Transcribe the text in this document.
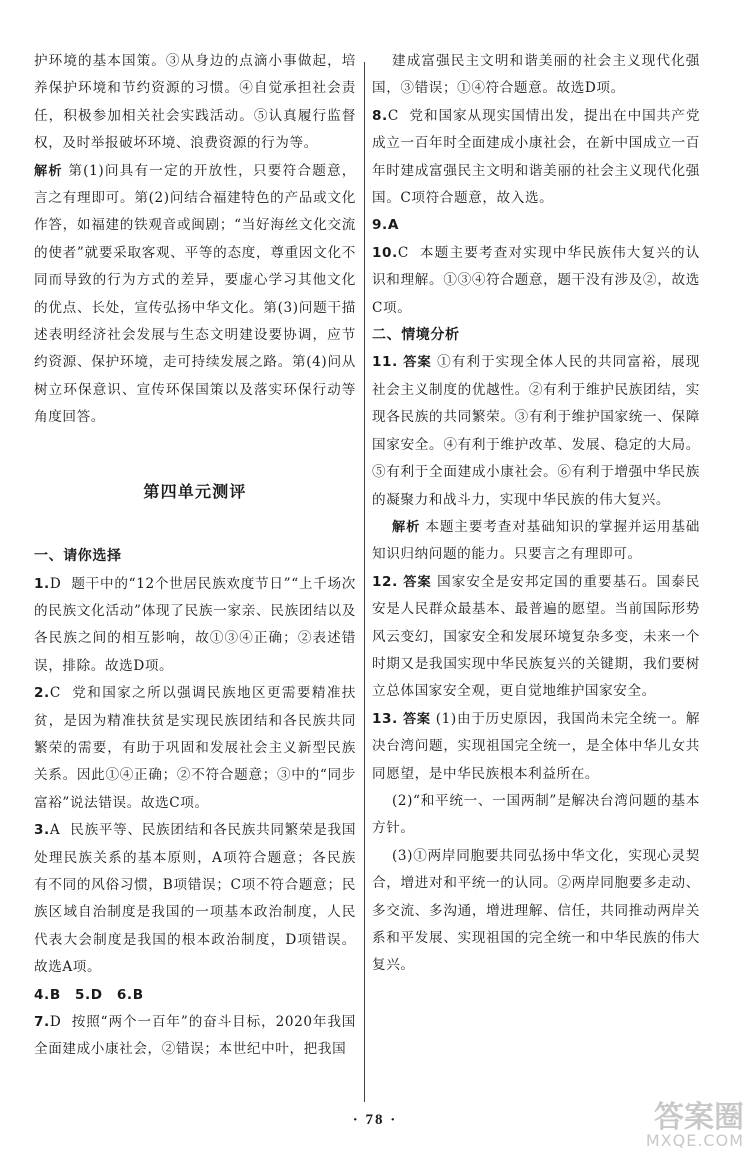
护环境的基本国策。③从身边的点滴小事做起，培养保护环境和节约资源的习惯。④自觉承担社会责任，积极参加相关社会实践活动。⑤认真履行监督权，及时举报破坏环境、浪费资源的行为等。

解析 第(1)问具有一定的开放性，只要符合题意，言之有理即可。第(2)问结合福建特色的产品或文化作答，如福建的铁观音或闽剧；“当好海丝文化交流的使者”就要采取客观、平等的态度，尊重因文化不同而导致的行为方式的差异，要虚心学习其他文化的优点、长处，宣传弘扬中华文化。第(3)问题干描述表明经济社会发展与生态文明建设要协调，应节约资源、保护环境，走可持续发展之路。第(4)问从树立环保意识、宣传环保国策以及落实环保行动等角度回答。

第四单元测评

一、请你选择

1.D 题干中的“12个世居民族欢度节日”“上千场次的民族文化活动”体现了民族一家亲、民族团结以及各民族之间的相互影响，故①③④正确；②表述错误，排除。故选D项。

2.C 党和国家之所以强调民族地区更需要精准扶贫，是因为精准扶贫是实现民族团结和各民族共同繁荣的需要，有助于巩固和发展社会主义新型民族关系。因此①④正确；②不符合题意；③中的“同步富裕”说法错误。故选C项。

3.A 民族平等、民族团结和各民族共同繁荣是我国处理民族关系的基本原则，A项符合题意；各民族有不同的风俗习惯，B项错误；C项不符合题意；民族区域自治制度是我国的一项基本政治制度，人民代表大会制度是我国的根本政治制度，D项错误。故选A项。

4.B　5.D　6.B

7.D 按照“两个一百年”的奋斗目标，2020年我国全面建成小康社会，②错误；本世纪中叶，把我国

建成富强民主文明和谐美丽的社会主义现代化强国，③错误；①④符合题意。故选D项。

8.C 党和国家从现实国情出发，提出在中国共产党成立一百年时全面建成小康社会，在新中国成立一百年时建成富强民主文明和谐美丽的社会主义现代化强国。C项符合题意，故入选。

9.A

10.C 本题主要考查对实现中华民族伟大复兴的认识和理解。①③④符合题意，题干没有涉及②，故选C项。

二、情境分析

11. 答案 ①有利于实现全体人民的共同富裕，展现社会主义制度的优越性。②有利于维护民族团结，实现各民族的共同繁荣。③有利于维护国家统一、保障国家安全。④有利于维护改革、发展、稳定的大局。⑤有利于全面建成小康社会。⑥有利于增强中华民族的凝聚力和战斗力，实现中华民族的伟大复兴。

解析 本题主要考查对基础知识的掌握并运用基础知识归纳问题的能力。只要言之有理即可。

12. 答案 国家安全是安邦定国的重要基石。国泰民安是人民群众最基本、最普遍的愿望。当前国际形势风云变幻，国家安全和发展环境复杂多变，未来一个时期又是我国实现中华民族复兴的关键期，我们要树立总体国家安全观，更自觉地维护国家安全。

13. 答案 (1)由于历史原因，我国尚未完全统一。解决台湾问题，实现祖国完全统一，是全体中华儿女共同愿望，是中华民族根本利益所在。

(2)“和平统一、一国两制”是解决台湾问题的基本方针。

(3)①两岸同胞要共同弘扬中华文化，实现心灵契合，增进对和平统一的认同。②两岸同胞要多走动、多交流、多沟通，增进理解、信任，共同推动两岸关系和平发展、实现祖国的完全统一和中华民族的伟大复兴。

· 78 ·	答案圈
MXQE.COM
